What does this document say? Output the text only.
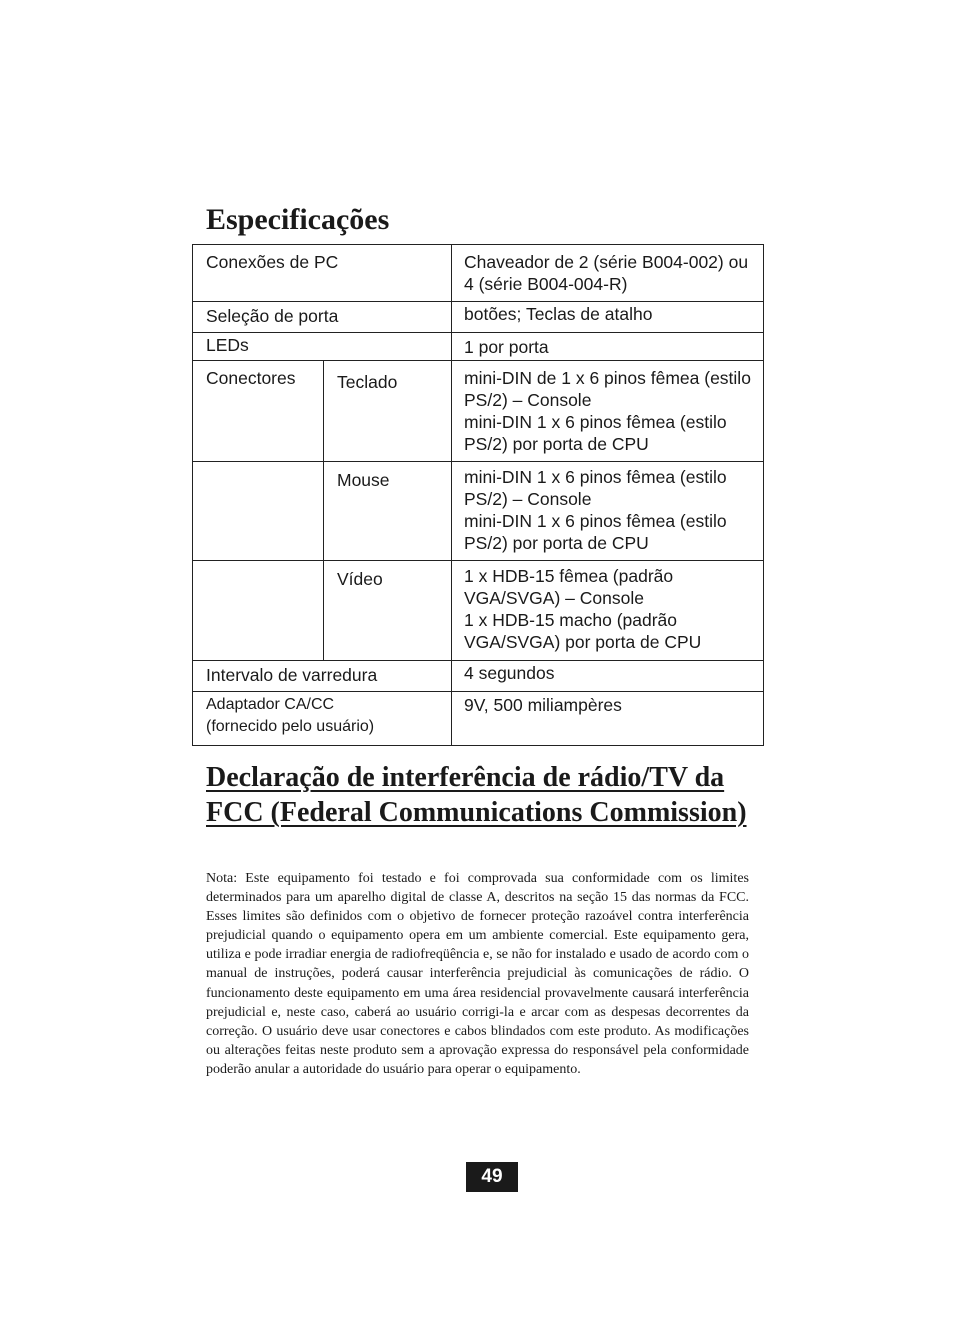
Especificações
Conexões de PC		Chaveador de 2 (série B004-002) ou 4 (série B004-004-R)
Seleção de porta		botões; Teclas de atalho
LEDs		1 por porta
Conectores	Teclado	mini-DIN de 1 x 6 pinos fêmea (estilo PS/2) – Console
mini-DIN 1 x 6 pinos fêmea (estilo PS/2) por porta de CPU

	Mouse	mini-DIN 1 x 6 pinos fêmea (estilo PS/2) – Console
mini-DIN 1 x 6 pinos fêmea (estilo PS/2) por porta de CPU

	Vídeo	1 x HDB-15 fêmea (padrão VGA/SVGA) – Console
1 x HDB-15 macho (padrão VGA/SVGA) por porta de CPU

Intervalo de varredura		4 segundos

Adaptador CA/CC
(fornecido pelo usuário)		9V, 500 miliampères
Declaração de interferência de rádio/TV da FCC (Federal Communications Commission)

Nota: Este equipamento foi testado e foi comprovada sua conformidade com os limites determinados para um aparelho digital de classe A, descritos na seção 15 das normas da FCC. Esses limites são definidos com o objetivo de fornecer proteção razoável contra interferência prejudicial quando o equipamento opera em um ambiente comercial. Este equipamento gera, utiliza e pode irradiar energia de radiofreqüência e, se não for instalado e usado de acordo com o manual de instruções, poderá causar interferência prejudicial às comunicações de rádio. O funcionamento deste equipamento em uma área residencial provavelmente causará interferência prejudicial e, neste caso, caberá ao usuário corrigi-la e arcar com as despesas decorrentes da correção. O usuário deve usar conectores e cabos blindados com este produto. As modificações ou alterações feitas neste produto sem a aprovação expressa do responsável pela conformidade poderão anular a autoridade do usuário para operar o equipamento.

49
